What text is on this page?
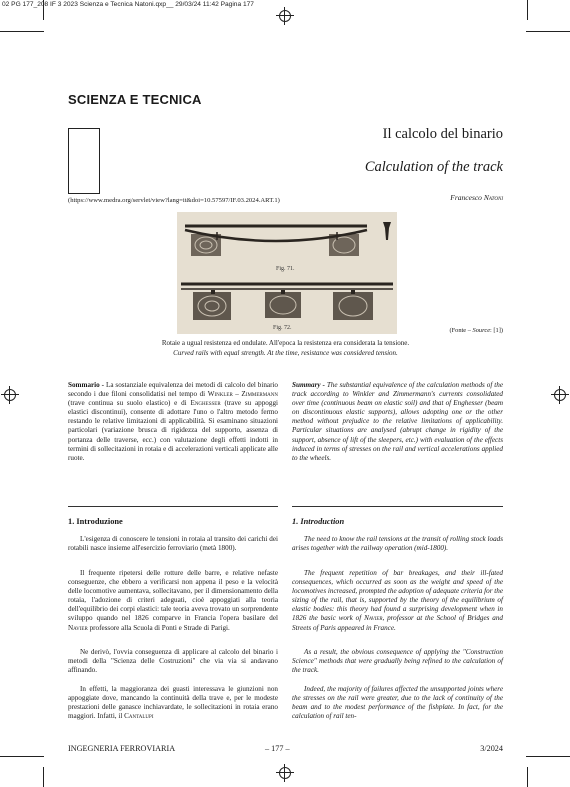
02 PG 177_208 IF 3 2023 Scienza e Tecnica Natoni.qxp__ 29/03/24 11:42 Pagina 177
SCIENZA E TECNICA
Il calcolo del binario
Calculation of the track
Francesco Natoni
(https://www.medra.org/servlet/view?lang=it&doi=10.57597/IF.03.2024.ART.1)
Fig. 71.
Fig. 72.	(Fonte – Source: [1])
Rotaie a ugual resistenza ed ondulate. All'epoca la resistenza era considerata la tensione.
Curved rails with equal strength. At the time, resistance was considered tension.

Sommario - La sostanziale equivalenza dei metodi di calcolo del binario secondo i due filoni consolidatisi nel tempo di Winkler – Zimmermann (trave continua su suolo elastico) e di Enghesser (trave su appoggi elastici discontinui), consente di adottare l'uno o l'altro metodo fermo restando le relative limitazioni di applicabilità. Si esaminano situazioni particolari (variazione brusca di rigidezza del supporto, assenza di portanza delle traverse, ecc.) con valutazione degli effetti indotti in termini di sollecitazioni in rotaia e di accelerazioni verticali applicate alle ruote.

Summary - The substantial equivalence of the calculation methods of the track according to Winkler and Zimmermann's currents consolidated over time (continuous beam on elastic soil) and that of Enghesser (beam on discontinuous elastic supports), allows adopting one or the other method without prejudice to the relative limitations of applicability. Particular situations are analysed (abrupt change in rigidity of the support, absence of lift of the sleepers, etc.) with evaluation of the effects induced in terms of stresses on the rail and vertical accelerations applied to the wheels.

1. Introduzione

L'esigenza di conoscere le tensioni in rotaia al transito dei carichi dei rotabili nasce insieme all'esercizio ferroviario (metà 1800).

Il frequente ripetersi delle rotture delle barre, e relative nefaste conseguenze, che ebbero a verificarsi non appena il peso e la velocità delle locomotive aumentava, sollecitavano, per il dimensionamento della rotaia, l'adozione di criteri adeguati, cioè appoggiati alla teoria dell'equilibrio dei corpi elastici: tale teoria aveva trovato un sorprendente sviluppo quando nel 1826 comparve in Francia l'opera basilare del Navier professore alla Scuola di Ponti e Strade di Parigi.

Ne derivò, l'ovvia conseguenza di applicare al calcolo del binario i metodi della "Scienza delle Costruzioni" che via via si andavano affinando.

In effetti, la maggioranza dei guasti interessava le giunzioni non appoggiate dove, mancando la continuità della trave e, per le modeste prestazioni delle ganasce inchiavardate, le sollecitazioni in rotaia erano maggiori. Infatti, il Cantalupi

1. Introduction

The need to know the rail tensions at the transit of rolling stock loads arises together with the railway operation (mid-1800).

The frequent repetition of bar breakages, and their ill-fated consequences, which occurred as soon as the weight and speed of the locomotives increased, prompted the adoption of adequate criteria for the sizing of the rail, that is, supported by the theory of the equilibrium of elastic bodies: this theory had found a surprising development when in 1826 the basic work of Navier, professor at the School of Bridges and Streets of Paris appeared in France.

As a result, the obvious consequence of applying the "Construction Science" methods that were gradually being refined to the calculation of the track.

Indeed, the majority of failures affected the unsupported joints where the stresses on the rail were greater, due to the lack of continuity of the beam and to the modest performance of the fishplate. In fact, for the calculation of rail ten-

INGEGNERIA FERROVIARIA	– 177 –	3/2024
